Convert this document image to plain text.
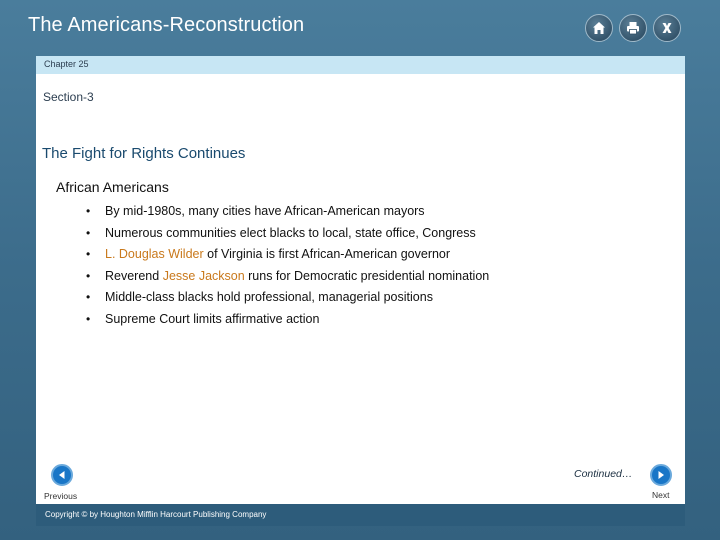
The Americans-Reconstruction
Chapter 25
Section-3
The Fight for Rights Continues
African Americans
• By mid-1980s, many cities have African-American mayors
• Numerous communities elect blacks to local, state office, Congress
• L. Douglas Wilder of Virginia is first African-American governor
• Reverend Jesse Jackson runs for Democratic presidential nomination
• Middle-class blacks hold professional, managerial positions
• Supreme Court limits affirmative action
Continued…
Previous	Next
Copyright © by Houghton Mifflin Harcourt Publishing Company
